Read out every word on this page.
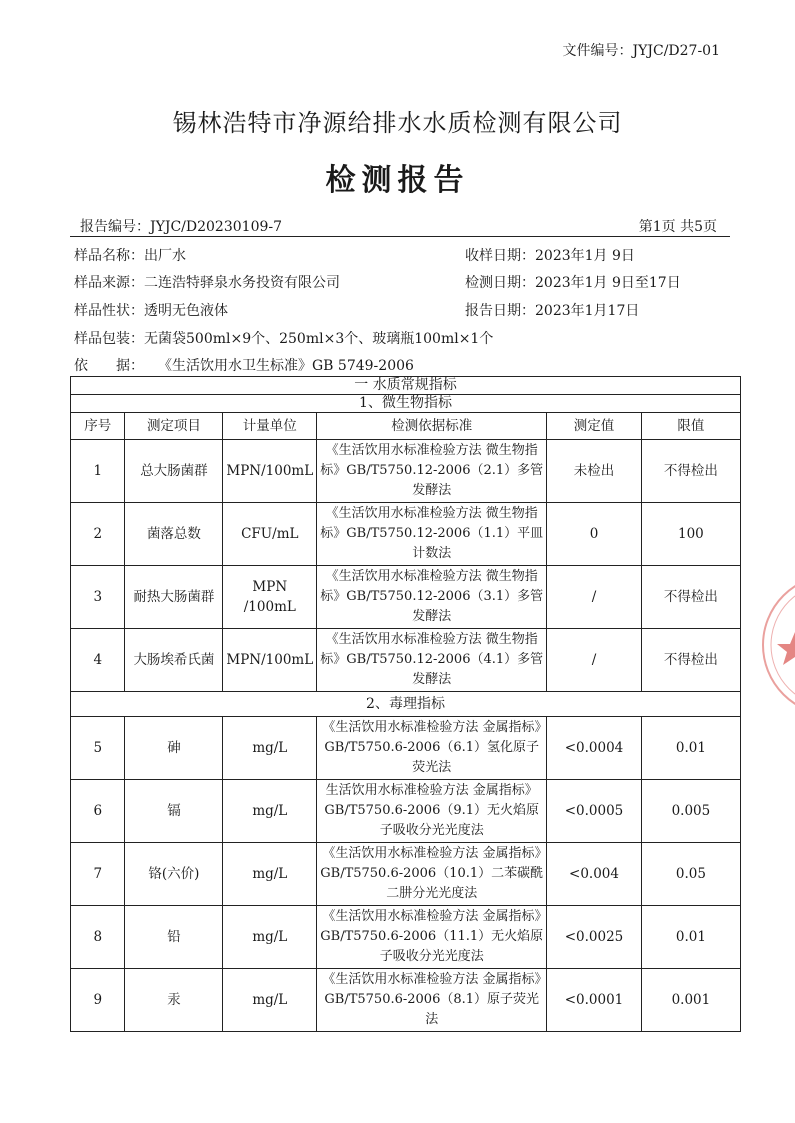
文件编号：JYJC/D27-01
锡林浩特市净源给排水水质检测有限公司
检测报告
报告编号：JYJC/D20230109-7	第1页 共5页
样品名称：出厂水	收样日期：2023年1月 9日
样品来源：二连浩特驿泉水务投资有限公司	检测日期：2023年1月 9日至17日
样品性状：透明无色液体	报告日期：2023年1月17日
样品包装：无菌袋500ml×9个、250ml×3个、玻璃瓶100ml×1个
依　　据： 《生活饮用水卫生标准》GB 5749-2006
一 水质常规指标					
1、微生物指标					
序号	测定项目	计量单位	检测依据标准	测定值	限值
1	总大肠菌群	MPN/100mL	《生活饮用水标准检验方法 微生物指标》GB/T5750.12-2006（2.1）多管发酵法	未检出	不得检出
2	菌落总数	CFU/mL	《生活饮用水标准检验方法 微生物指标》GB/T5750.12-2006（1.1）平皿计数法	0	100
3	耐热大肠菌群	MPN /100mL	《生活饮用水标准检验方法 微生物指标》GB/T5750.12-2006（3.1）多管发酵法	/	不得检出
4	大肠埃希氏菌	MPN/100mL	《生活饮用水标准检验方法 微生物指标》GB/T5750.12-2006（4.1）多管发酵法	/	不得检出
2、毒理指标					
5	砷	mg/L	《生活饮用水标准检验方法 金属指标》GB/T5750.6-2006（6.1）氢化原子荧光法	<0.0004	0.01
6	镉	mg/L	生活饮用水标准检验方法 金属指标》 GB/T5750.6-2006（9.1）无火焰原子吸收分光光度法	<0.0005	0.005
7	铬(六价)	mg/L	《生活饮用水标准检验方法 金属指标》GB/T5750.6-2006（10.1）二苯碳酰二肼分光光度法	<0.004	0.05
8	铅	mg/L	《生活饮用水标准检验方法 金属指标》GB/T5750.6-2006（11.1）无火焰原子吸收分光光度法	<0.0025	0.01
9	汞	mg/L	《生活饮用水标准检验方法 金属指标》GB/T5750.6-2006（8.1）原子荧光法	<0.0001	0.001
